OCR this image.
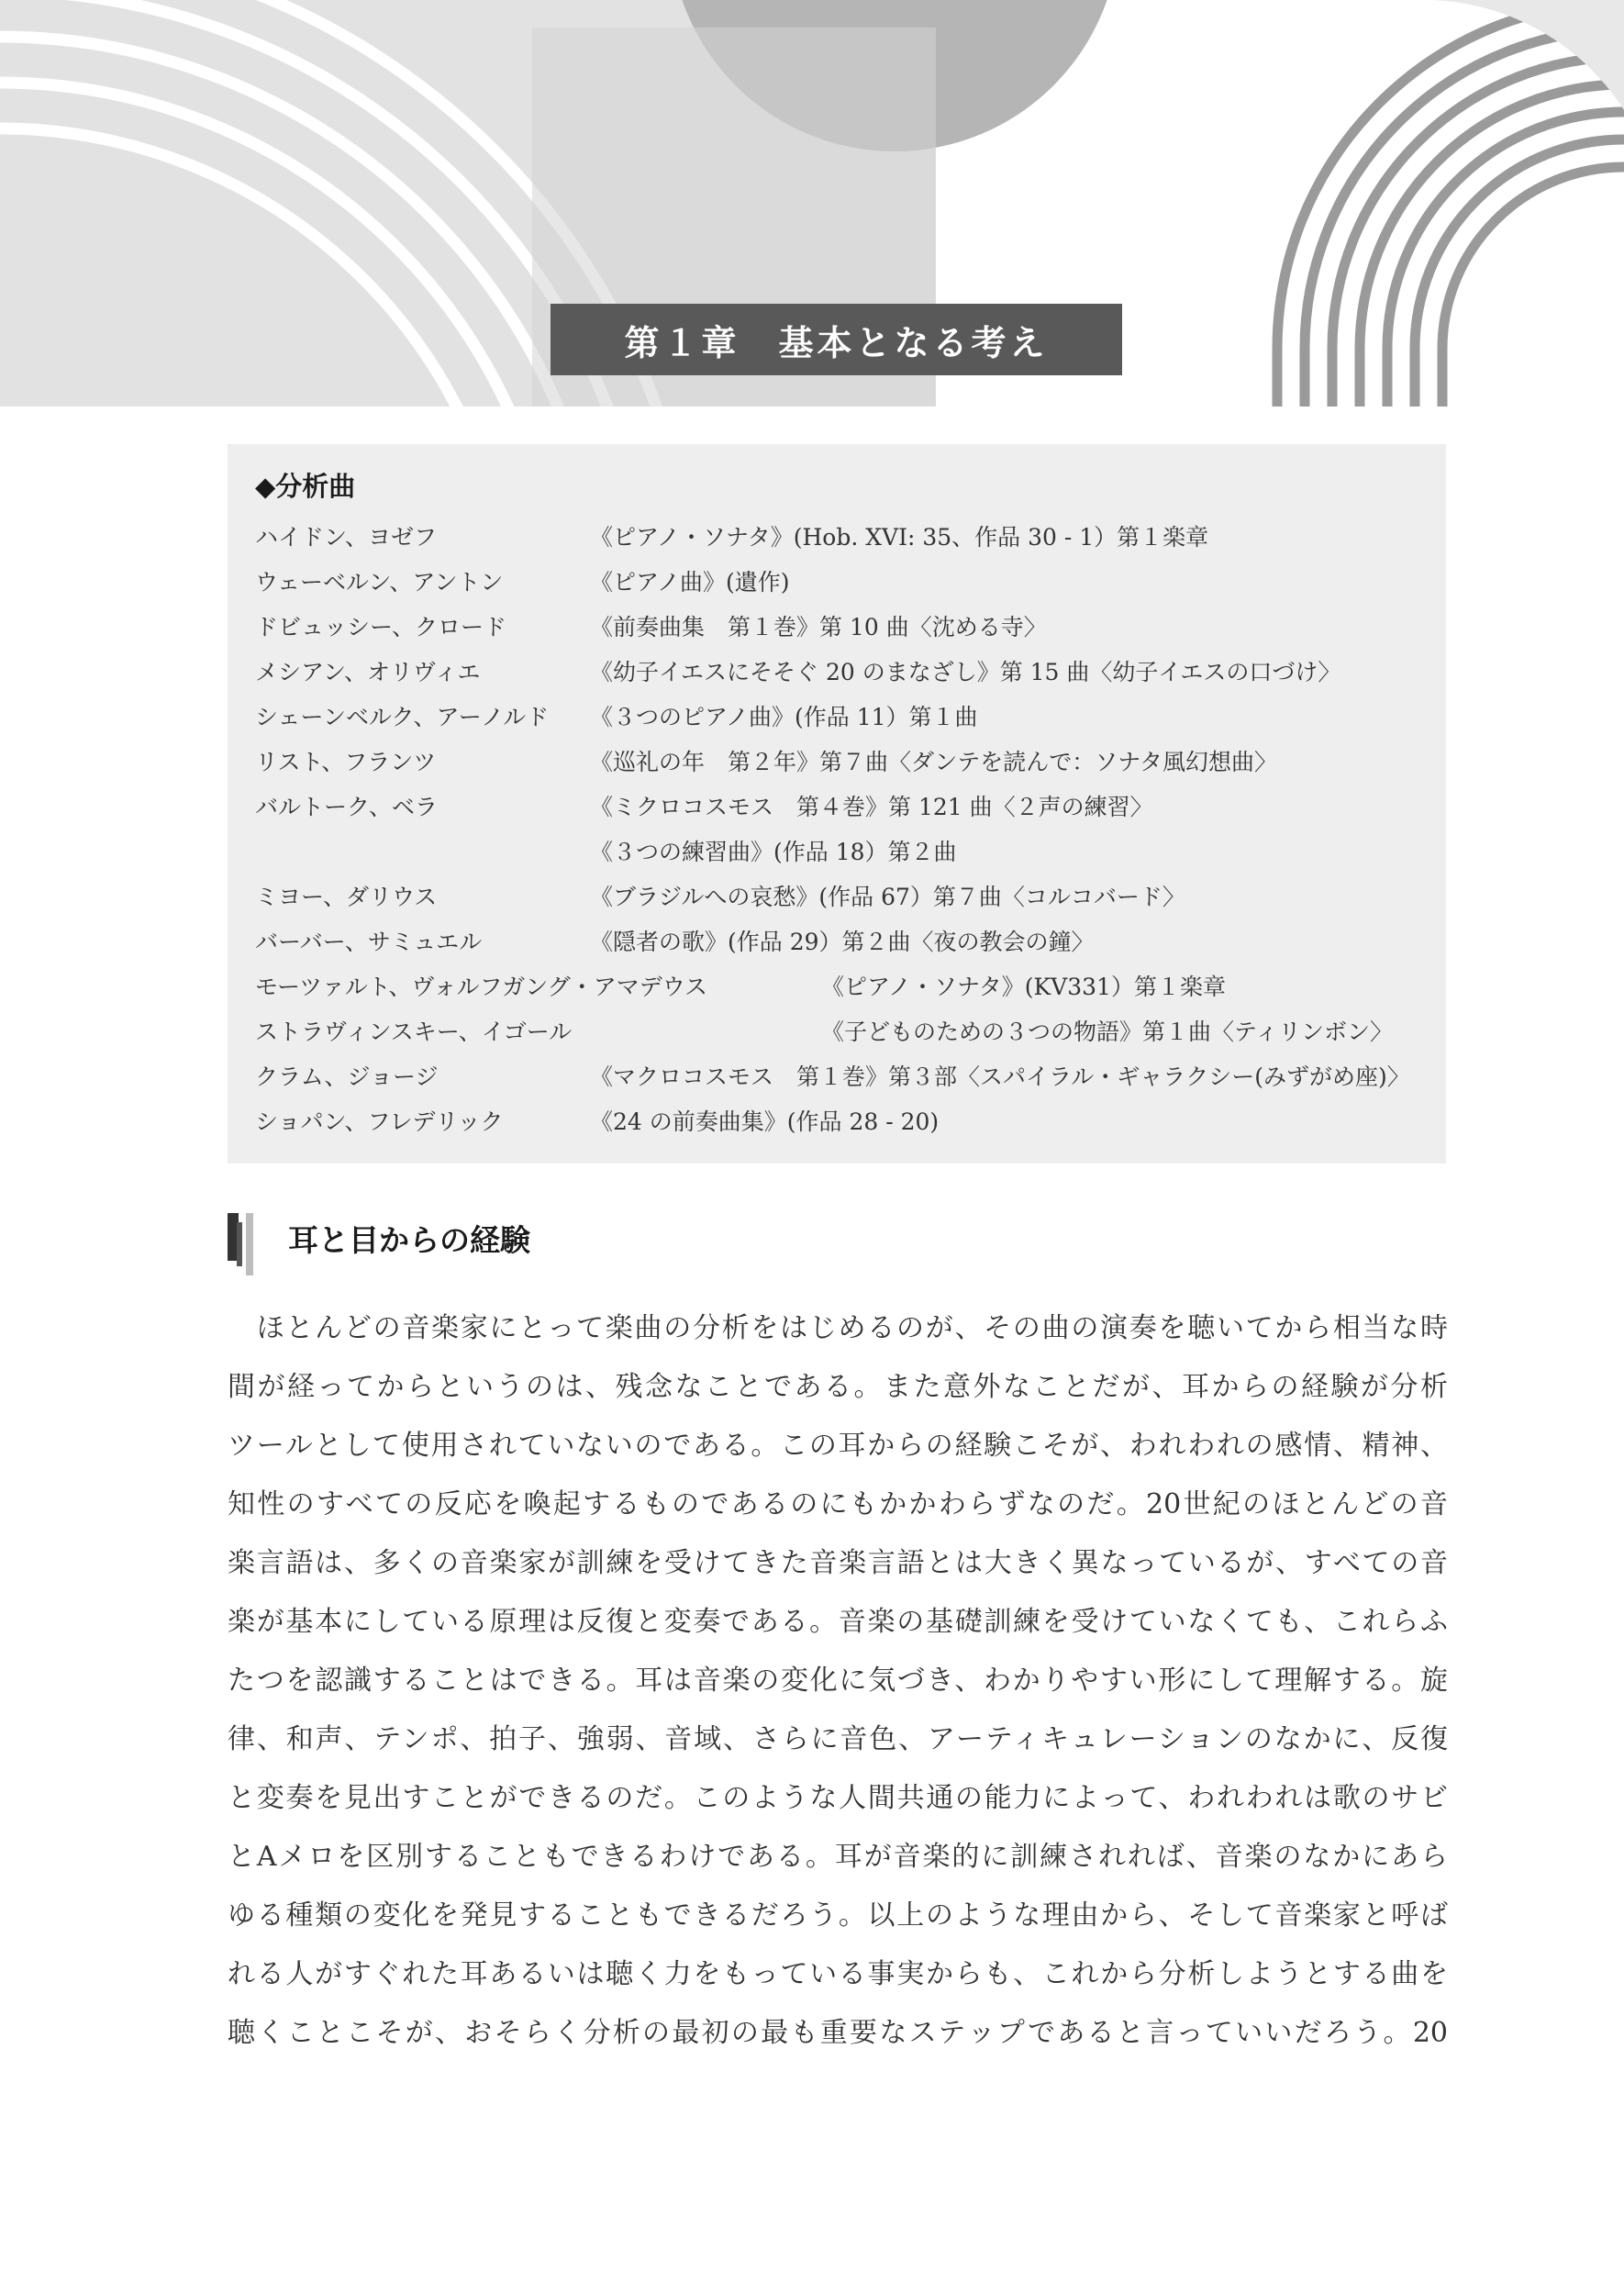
第１章　基本となる考え
◆分析曲
ハイドン、ヨゼフ	《ピアノ・ソナタ》(Hob. XVI: 35、作品 30 - 1）第１楽章
ウェーベルン、アントン	《ピアノ曲》(遺作)
ドビュッシー、クロード	《前奏曲集　第１巻》第 10 曲〈沈める寺〉
メシアン、オリヴィエ	《幼子イエスにそそぐ 20 のまなざし》第 15 曲〈幼子イエスの口づけ〉
シェーンベルク、アーノルド 《３つのピアノ曲》(作品 11）第１曲
リスト、フランツ	《巡礼の年　第２年》第７曲〈ダンテを読んで：ソナタ風幻想曲〉
バルトーク、ベラ	《ミクロコスモス　第４巻》第 121 曲〈２声の練習〉
《３つの練習曲》(作品 18）第２曲
ミヨー、ダリウス	《ブラジルへの哀愁》(作品 67）第７曲〈コルコバード〉
バーバー、サミュエル	《隠者の歌》(作品 29）第２曲〈夜の教会の鐘〉
モーツァルト、ヴォルフガング・アマデウス	《ピアノ・ソナタ》(KV331）第１楽章
ストラヴィンスキー、イゴール	《子どものための３つの物語》第１曲〈ティリンボン〉
クラム、ジョージ	《マクロコスモス　第１巻》第３部〈スパイラル・ギャラクシー(みずがめ座)〉
ショパン、フレデリック	《24 の前奏曲集》(作品 28 - 20)
耳と目からの経験
　ほとんどの音楽家にとって楽曲の分析をはじめるのが、その曲の演奏を聴いてから相当な時
間が経ってからというのは、残念なことである。また意外なことだが、耳からの経験が分析
ツールとして使用されていないのである。この耳からの経験こそが、われわれの感情、精神、
知性のすべての反応を喚起するものであるのにもかかわらずなのだ。20世紀のほとんどの音
楽言語は、多くの音楽家が訓練を受けてきた音楽言語とは大きく異なっているが、すべての音
楽が基本にしている原理は反復と変奏である。音楽の基礎訓練を受けていなくても、これらふ
たつを認識することはできる。耳は音楽の変化に気づき、わかりやすい形にして理解する。旋
律、和声、テンポ、拍子、強弱、音域、さらに音色、アーティキュレーションのなかに、反復
と変奏を見出すことができるのだ。このような人間共通の能力によって、われわれは歌のサビ
とAメロを区別することもできるわけである。耳が音楽的に訓練されれば、音楽のなかにあら
ゆる種類の変化を発見することもできるだろう。以上のような理由から、そして音楽家と呼ば
れる人がすぐれた耳あるいは聴く力をもっている事実からも、これから分析しようとする曲を
聴くことこそが、おそらく分析の最初の最も重要なステップであると言っていいだろう。20
